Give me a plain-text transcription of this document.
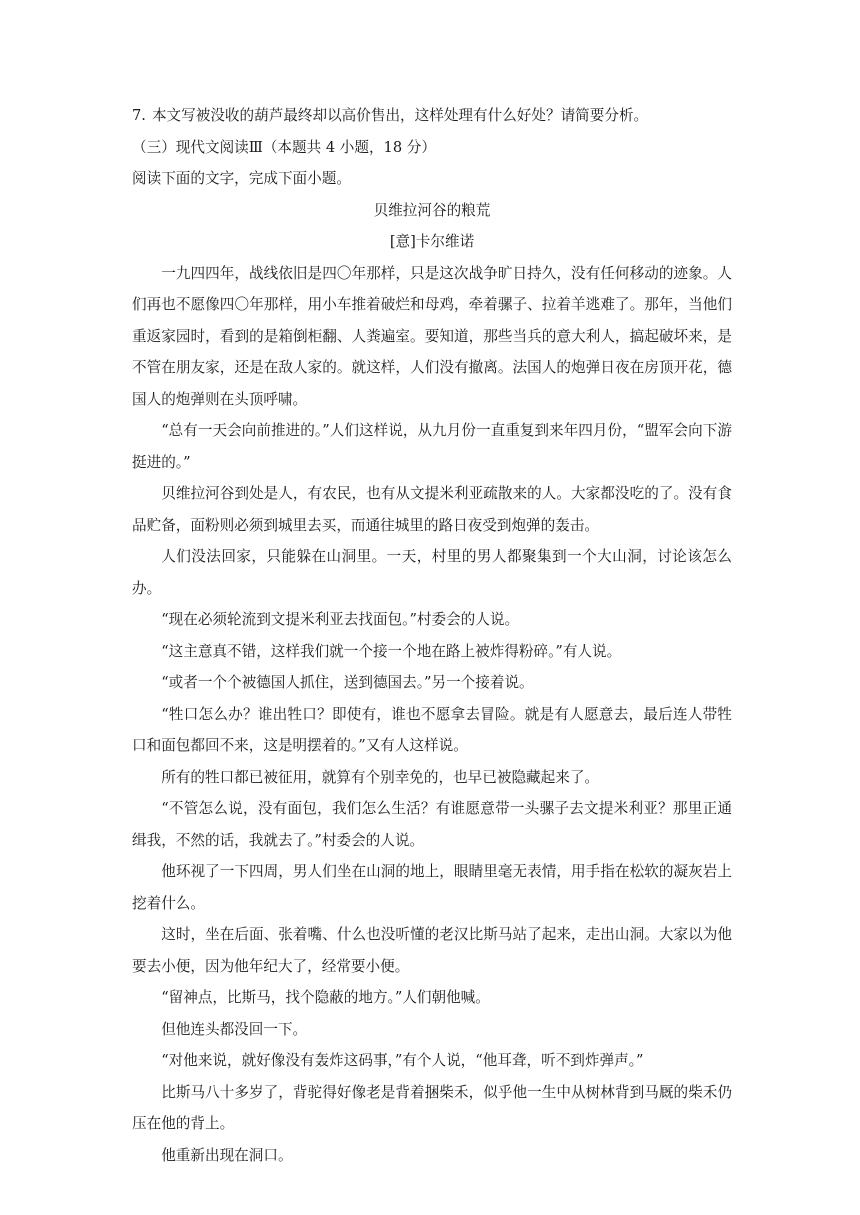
7. 本文写被没收的葫芦最终却以高价售出，这样处理有什么好处？请简要分析。

（三）现代文阅读Ⅲ（本题共 4 小题，18 分）

阅读下面的文字，完成下面小题。

贝维拉河谷的粮荒

[意]卡尔维诺

一九四四年，战线依旧是四〇年那样，只是这次战争旷日持久，没有任何移动的迹象。人们再也不愿像四〇年那样，用小车推着破烂和母鸡，牵着骡子、拉着羊逃难了。那年，当他们重返家园时，看到的是箱倒柜翻、人粪遍室。要知道，那些当兵的意大利人，搞起破坏来，是不管在朋友家，还是在敌人家的。就这样，人们没有撤离。法国人的炮弹日夜在房顶开花，德国人的炮弹则在头顶呼啸。

“总有一天会向前推进的。”人们这样说，从九月份一直重复到来年四月份，“盟军会向下游挺进的。”

贝维拉河谷到处是人，有农民，也有从文提米利亚疏散来的人。大家都没吃的了。没有食品贮备，面粉则必须到城里去买，而通往城里的路日夜受到炮弹的轰击。

人们没法回家，只能躲在山洞里。一天，村里的男人都聚集到一个大山洞，讨论该怎么办。

“现在必须轮流到文提米利亚去找面包。”村委会的人说。

“这主意真不错，这样我们就一个接一个地在路上被炸得粉碎。”有人说。

“或者一个个被德国人抓住，送到德国去。”另一个接着说。

“牲口怎么办？谁出牲口？即使有，谁也不愿拿去冒险。就是有人愿意去，最后连人带牲口和面包都回不来，这是明摆着的。”又有人这样说。

所有的牲口都已被征用，就算有个别幸免的，也早已被隐藏起来了。

“不管怎么说，没有面包，我们怎么生活？有谁愿意带一头骡子去文提米利亚？那里正通缉我，不然的话，我就去了。”村委会的人说。

他环视了一下四周，男人们坐在山洞的地上，眼睛里毫无表情，用手指在松软的凝灰岩上挖着什么。

这时，坐在后面、张着嘴、什么也没听懂的老汉比斯马站了起来，走出山洞。大家以为他要去小便，因为他年纪大了，经常要小便。

“留神点，比斯马，找个隐蔽的地方。”人们朝他喊。

但他连头都没回一下。

“对他来说，就好像没有轰炸这码事，”有个人说，“他耳聋，听不到炸弹声。”

比斯马八十多岁了，背驼得好像老是背着捆柴禾，似乎他一生中从树林背到马厩的柴禾仍压在他的背上。

他重新出现在洞口。
